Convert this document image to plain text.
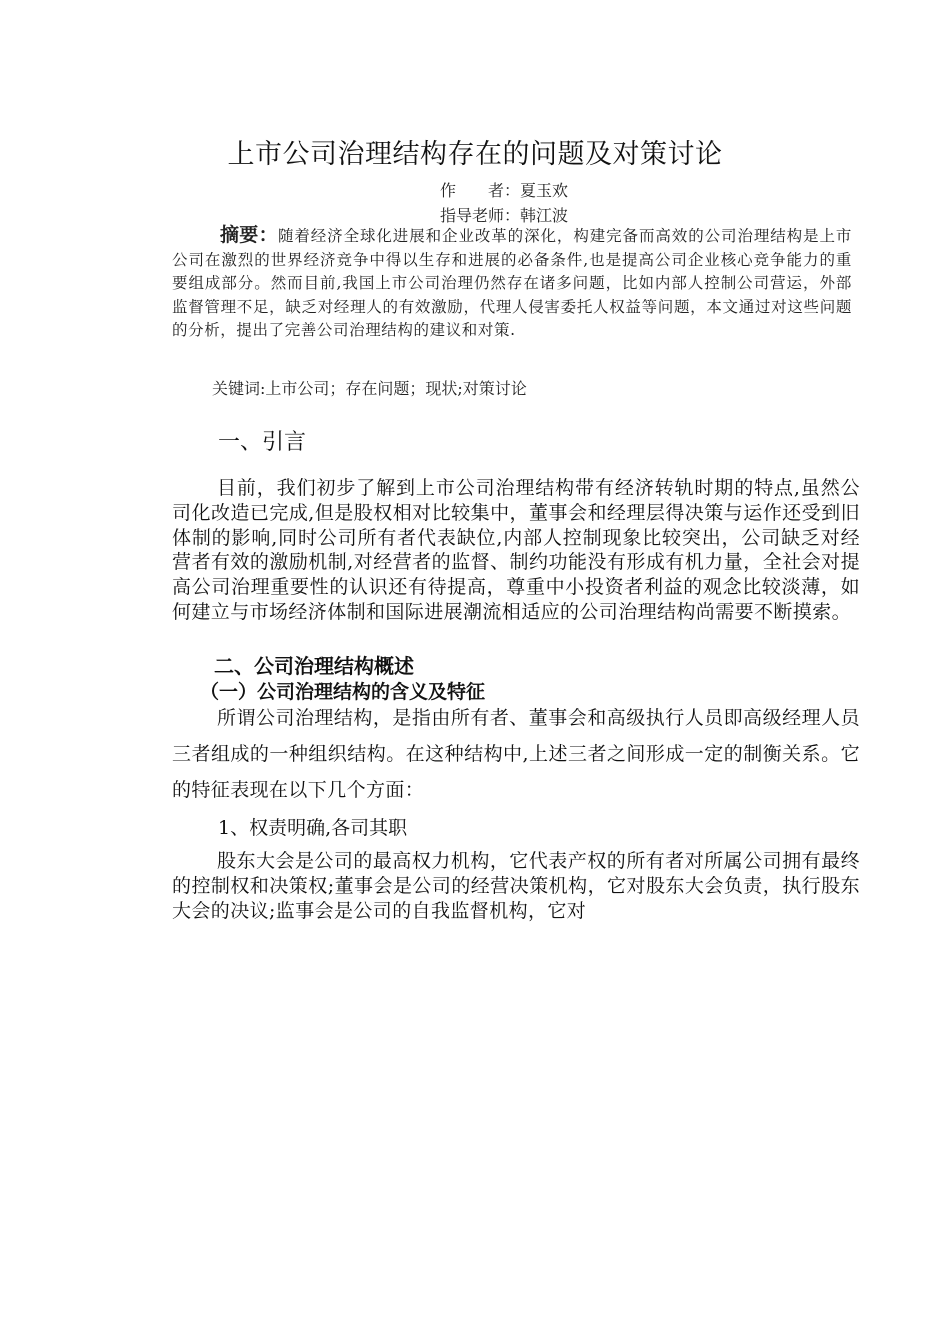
上市公司治理结构存在的问题及对策讨论
作　　者：夏玉欢
指导老师：韩江波
摘要：随着经济全球化进展和企业改革的深化，构建完备而高效的公司治理结构是上市公司在激烈的世界经济竞争中得以生存和进展的必备条件,也是提高公司企业核心竞争能力的重要组成部分。然而目前,我国上市公司治理仍然存在诸多问题，比如内部人控制公司营运，外部监督管理不足，缺乏对经理人的有效激励，代理人侵害委托人权益等问题，本文通过对这些问题的分析，提出了完善公司治理结构的建议和对策.
关键词:上市公司；存在问题；现状;对策讨论
一、引言
目前，我们初步了解到上市公司治理结构带有经济转轨时期的特点,虽然公司化改造已完成,但是股权相对比较集中，董事会和经理层得决策与运作还受到旧体制的影响,同时公司所有者代表缺位,内部人控制现象比较突出，公司缺乏对经营者有效的激励机制,对经营者的监督、制约功能没有形成有机力量，全社会对提高公司治理重要性的认识还有待提高，尊重中小投资者利益的观念比较淡薄，如何建立与市场经济体制和国际进展潮流相适应的公司治理结构尚需要不断摸索。
二、公司治理结构概述
（一）公司治理结构的含义及特征
所谓公司治理结构，是指由所有者、董事会和高级执行人员即高级经理人员三者组成的一种组织结构。在这种结构中,上述三者之间形成一定的制衡关系。它的特征表现在以下几个方面：
1、权责明确,各司其职
股东大会是公司的最高权力机构，它代表产权的所有者对所属公司拥有最终的控制权和决策权;董事会是公司的经营决策机构，它对股东大会负责，执行股东大会的决议;监事会是公司的自我监督机构，它对
